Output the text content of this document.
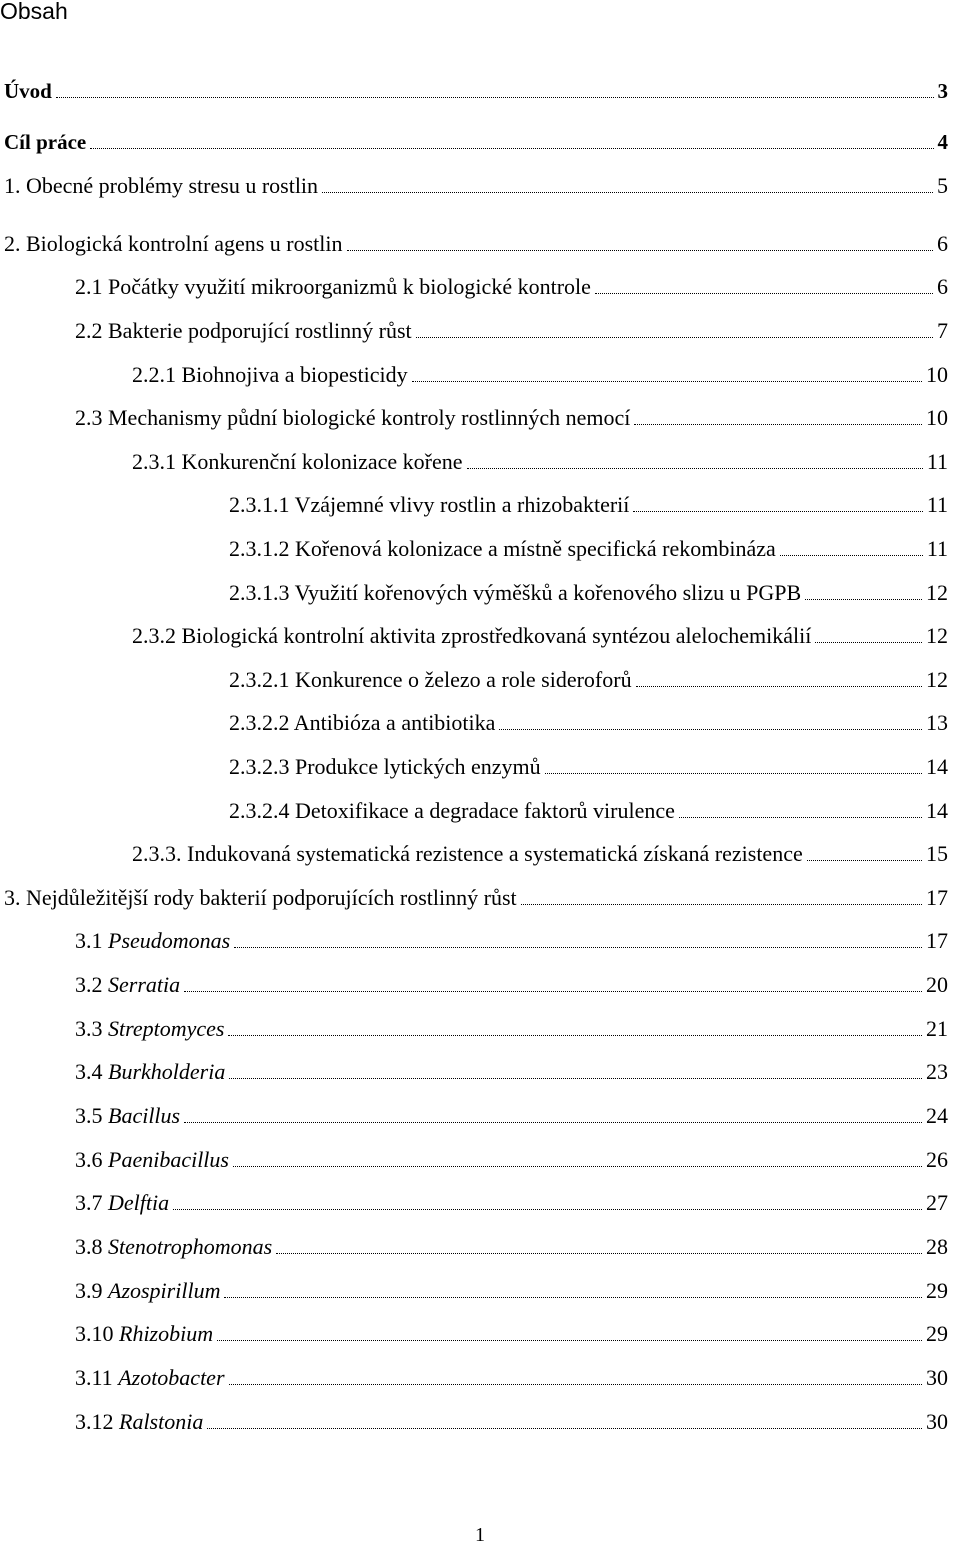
Obsah
Úvod	3
Cíl práce	4
1. Obecné problémy stresu u rostlin	5
2. Biologická kontrolní agens u rostlin	6
2.1 Počátky využití mikroorganizmů k biologické kontrole	6
2.2 Bakterie podporující rostlinný růst	7
2.2.1 Biohnojiva a biopesticidy	10
2.3 Mechanismy půdní biologické kontroly rostlinných nemocí	10
2.3.1 Konkurenční kolonizace kořene	11
2.3.1.1 Vzájemné vlivy rostlin a rhizobakterií	11
2.3.1.2 Kořenová kolonizace a místně specifická rekombináza	11
2.3.1.3 Využití kořenových výměšků a kořenového slizu u PGPB	12
2.3.2 Biologická kontrolní aktivita zprostředkovaná syntézou alelochemikálií	12
2.3.2.1 Konkurence o železo a role sideroforů	12
2.3.2.2 Antibióza a antibiotika	13
2.3.2.3 Produkce lytických enzymů	14
2.3.2.4 Detoxifikace a degradace faktorů virulence	14
2.3.3. Indukovaná systematická rezistence a systematická získaná rezistence	15
3. Nejdůležitější rody bakterií podporujících rostlinný růst	17
3.1 Pseudomonas	17
3.2 Serratia	20
3.3 Streptomyces	21
3.4 Burkholderia	23
3.5 Bacillus	24
3.6 Paenibacillus	26
3.7 Delftia	27
3.8 Stenotrophomonas	28
3.9 Azospirillum	29
3.10 Rhizobium	29
3.11 Azotobacter	30
3.12 Ralstonia	30
1
